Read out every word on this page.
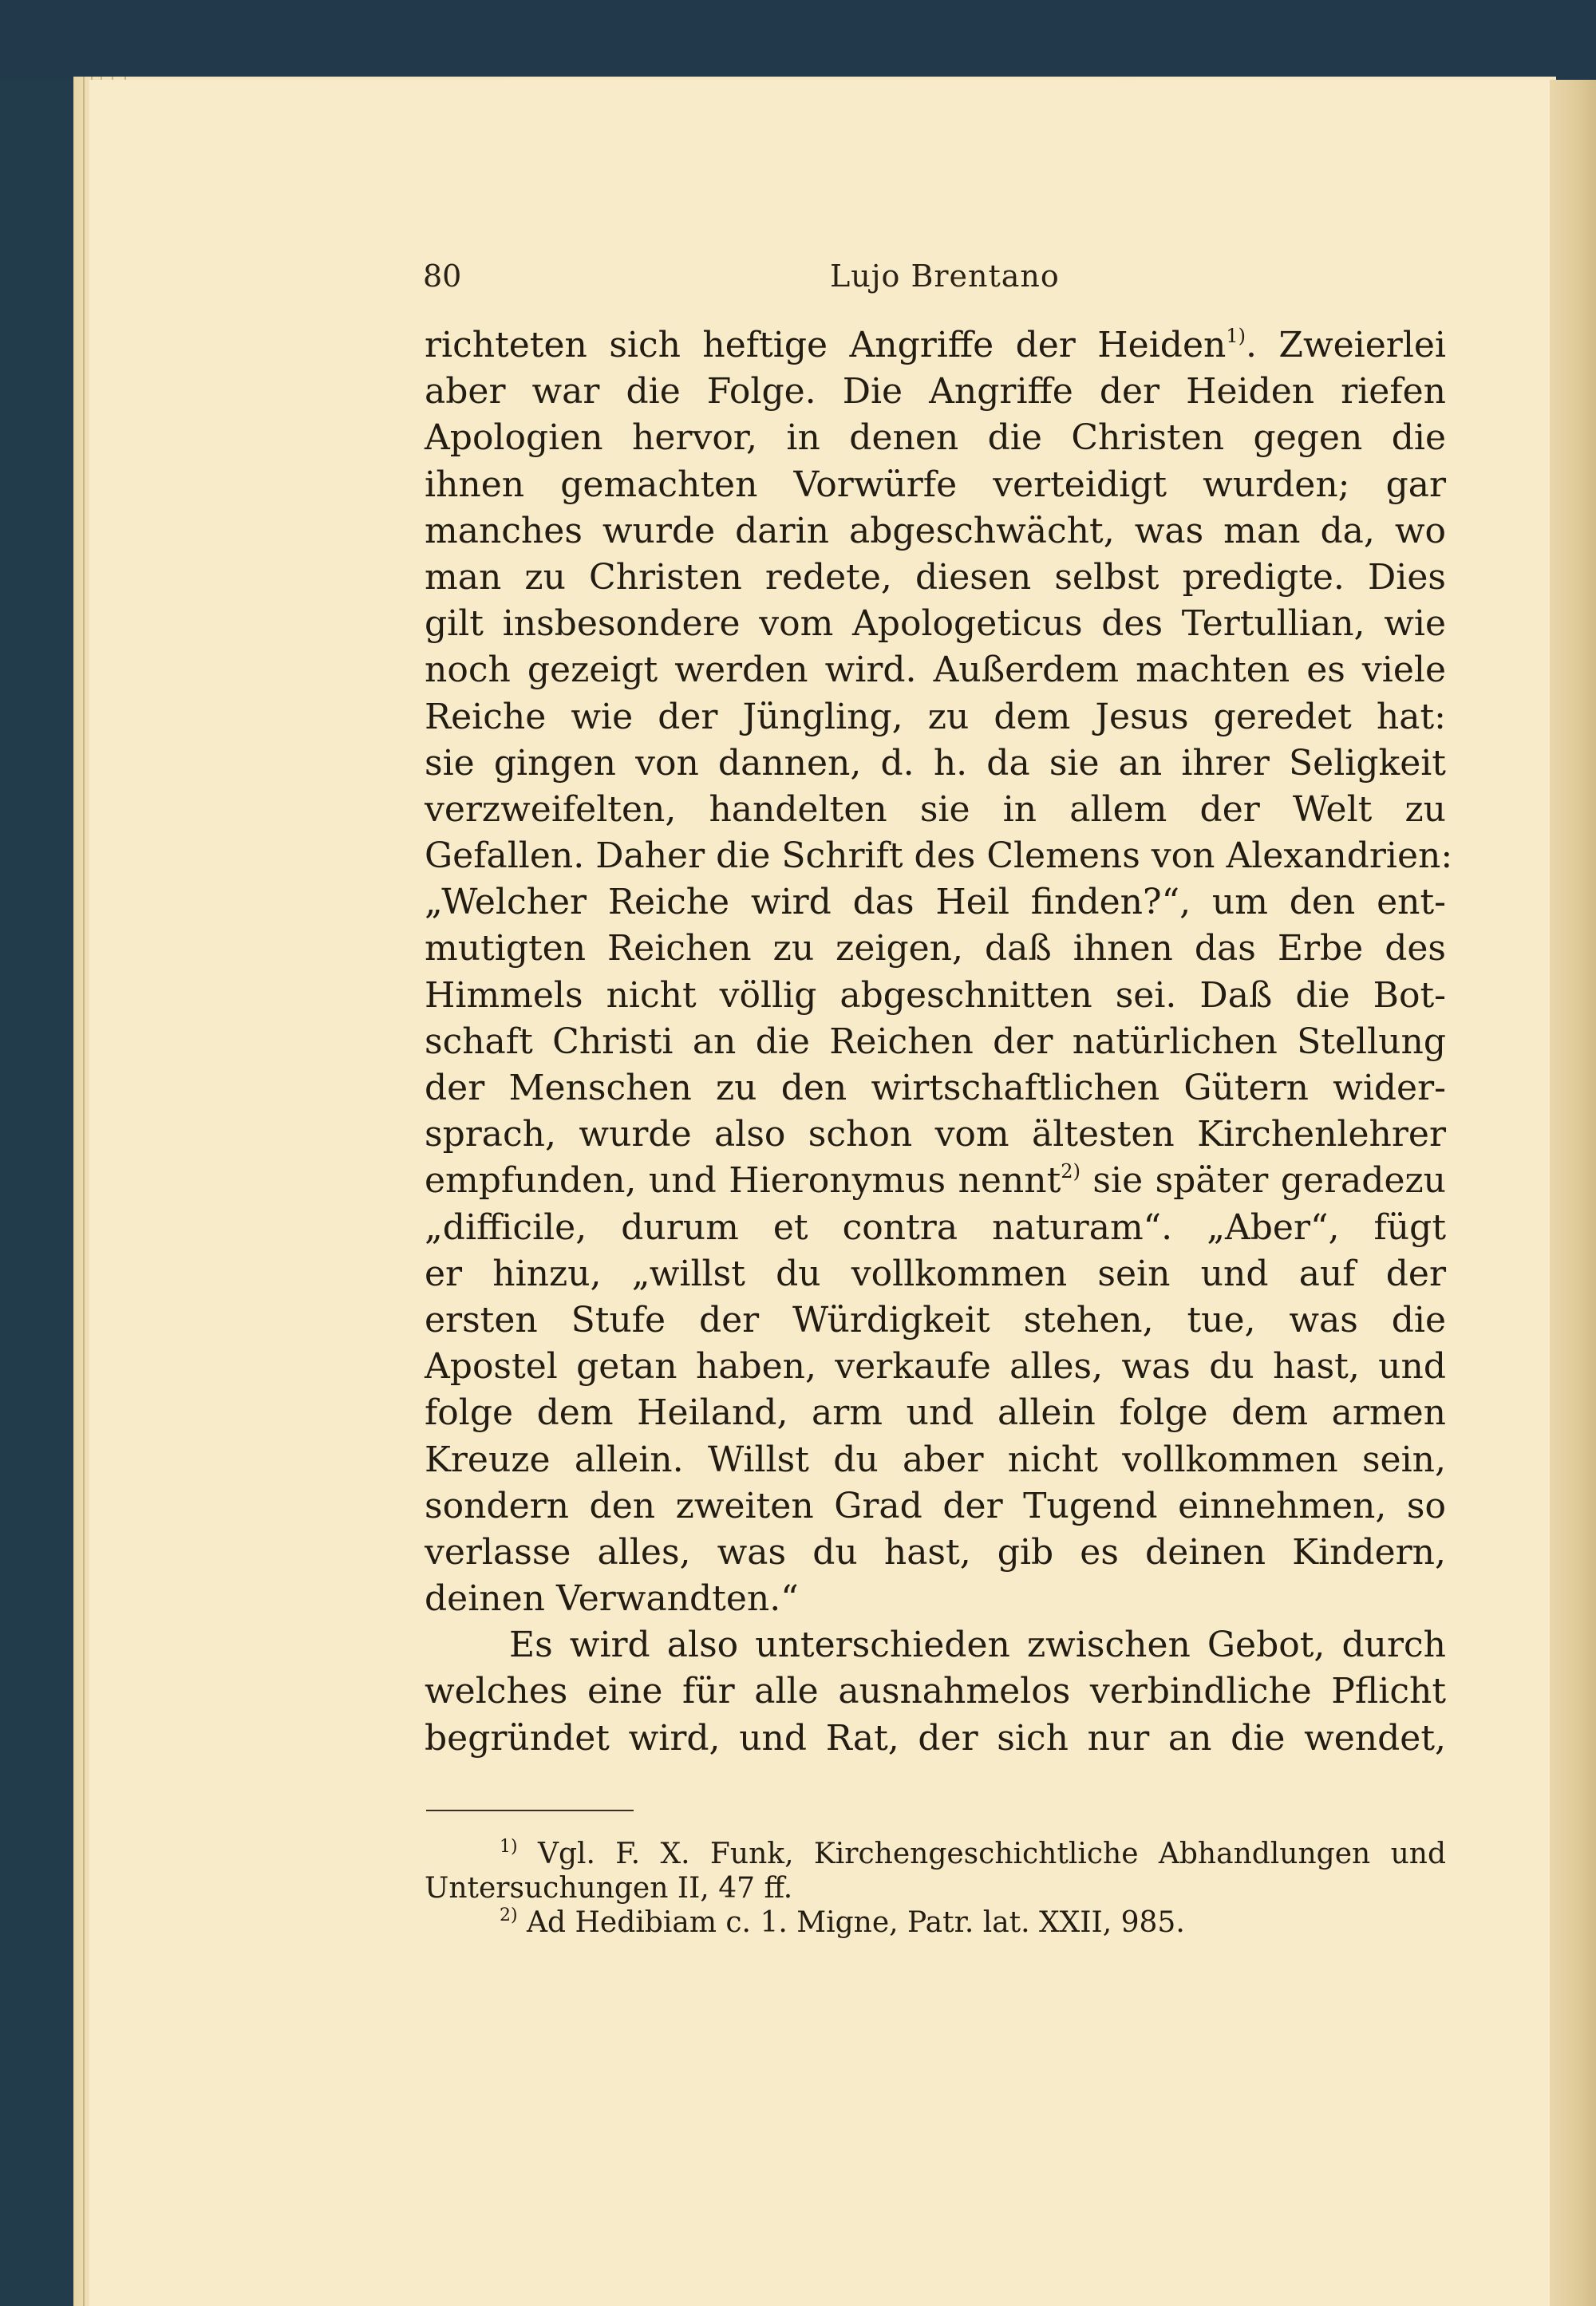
80	Lujo Brentano
richteten sich heftige Angriffe der Heiden$^{1)}$. Zweierlei
aber war die Folge. Die Angriffe der Heiden riefen
Apologien hervor, in denen die Christen gegen die
ihnen gemachten Vorwürfe verteidigt wurden; gar
manches wurde darin abgeschwächt, was man da, wo
man zu Christen redete, diesen selbst predigte. Dies
gilt insbesondere vom Apologeticus des Tertullian, wie
noch gezeigt werden wird. Außerdem machten es viele
Reiche wie der Jüngling, zu dem Jesus geredet hat:
sie gingen von dannen, d. h. da sie an ihrer Seligkeit
verzweifelten, handelten sie in allem der Welt zu
Gefallen. Daher die Schrift des Clemens von Alexandrien:
„Welcher Reiche wird das Heil finden?“, um den ent-
mutigten Reichen zu zeigen, daß ihnen das Erbe des
Himmels nicht völlig abgeschnitten sei. Daß die Bot-
schaft Christi an die Reichen der natürlichen Stellung
der Menschen zu den wirtschaftlichen Gütern wider-
sprach, wurde also schon vom ältesten Kirchenlehrer
empfunden, und Hieronymus nennt$^{2)}$ sie später geradezu
„difficile, durum et contra naturam“. „Aber“, fügt
er hinzu, „willst du vollkommen sein und auf der
ersten Stufe der Würdigkeit stehen, tue, was die
Apostel getan haben, verkaufe alles, was du hast, und
folge dem Heiland, arm und allein folge dem armen
Kreuze allein. Willst du aber nicht vollkommen sein,
sondern den zweiten Grad der Tugend einnehmen, so
verlasse alles, was du hast, gib es deinen Kindern,
deinen Verwandten.“
Es wird also unterschieden zwischen Gebot, durch
welches eine für alle ausnahmelos verbindliche Pflicht
begründet wird, und Rat, der sich nur an die wendet,
$^{1)}$ Vgl. F. X. Funk, Kirchengeschichtliche Abhandlungen und
Untersuchungen II, 47 ff.
$^{2)}$ Ad Hedibiam c. 1. Migne, Patr. lat. XXII, 985.
